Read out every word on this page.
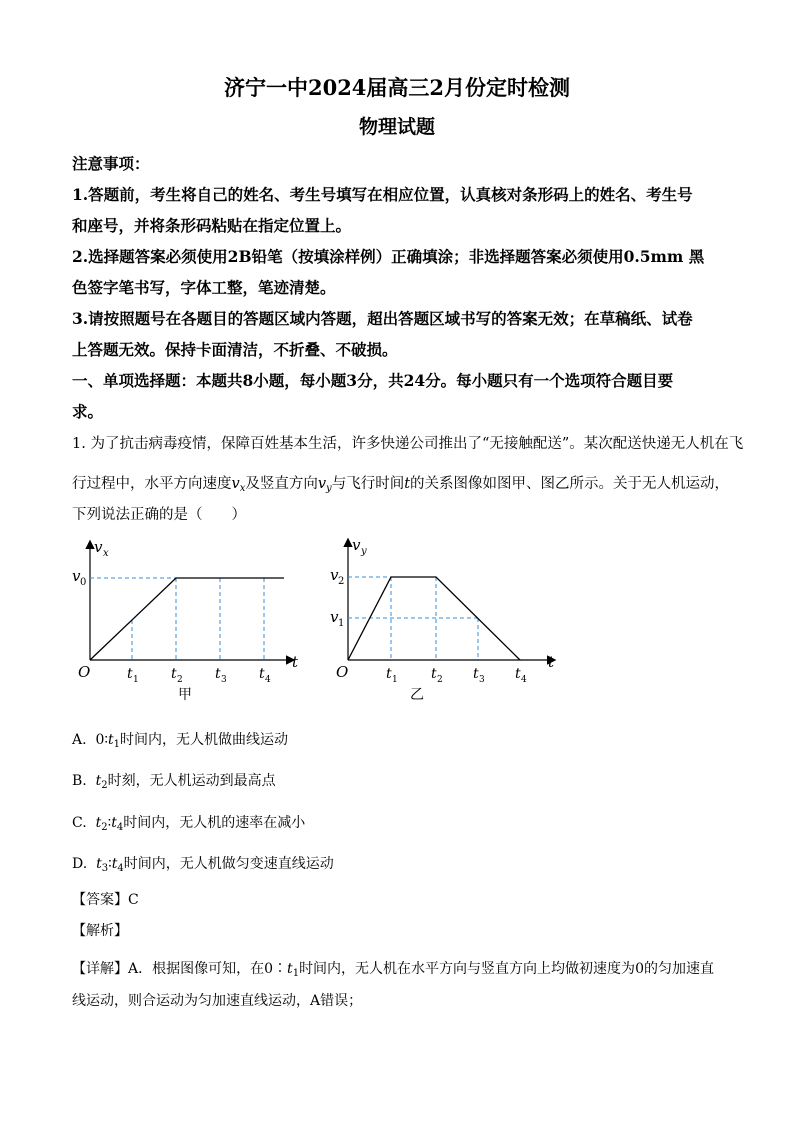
济宁一中2024届高三2月份定时检测
物理试题
注意事项：
1.答题前，考生将自己的姓名、考生号填写在相应位置，认真核对条形码上的姓名、考生号
和座号，并将条形码粘贴在指定位置上。
2.选择题答案必须使用2B铅笔（按填涂样例）正确填涂；非选择题答案必须使用0.5mm 黑
色签字笔书写，字体工整，笔迹清楚。
3.请按照题号在各题目的答题区域内答题，超出答题区域书写的答案无效；在草稿纸、试卷
上答题无效。保持卡面清洁，不折叠、不破损。
一、单项选择题：本题共8小题，每小题3分，共24分。每小题只有一个选项符合题目要
求。
1. 为了抗击病毒疫情，保障百姓基本生活，许多快递公司推出了“无接触配送”。某次配送快递无人机在飞
行过程中，水平方向速度$v_x$及竖直方向$v_y$与飞行时间t的关系图像如图甲、图乙所示。关于无人机运动，
下列说法正确的是（　　）
v x
v 0
O
t
t 1 t 2 t 3 t 4
甲
v y
v 2
v 1
O
t
t 1 t 2 t 3 t 4
乙
A. $0∶t_1$时间内，无人机做曲线运动
B. $t_2$时刻，无人机运动到最高点
C. $t_2∶t_4$时间内，无人机的速率在减小
D. $t_3∶t_4$时间内，无人机做匀变速直线运动
【答案】C
【解析】
【详解】A．根据图像可知，在$0∶t_1$时间内，无人机在水平方向与竖直方向上均做初速度为0的匀加速直
线运动，则合运动为匀加速直线运动，A错误；
